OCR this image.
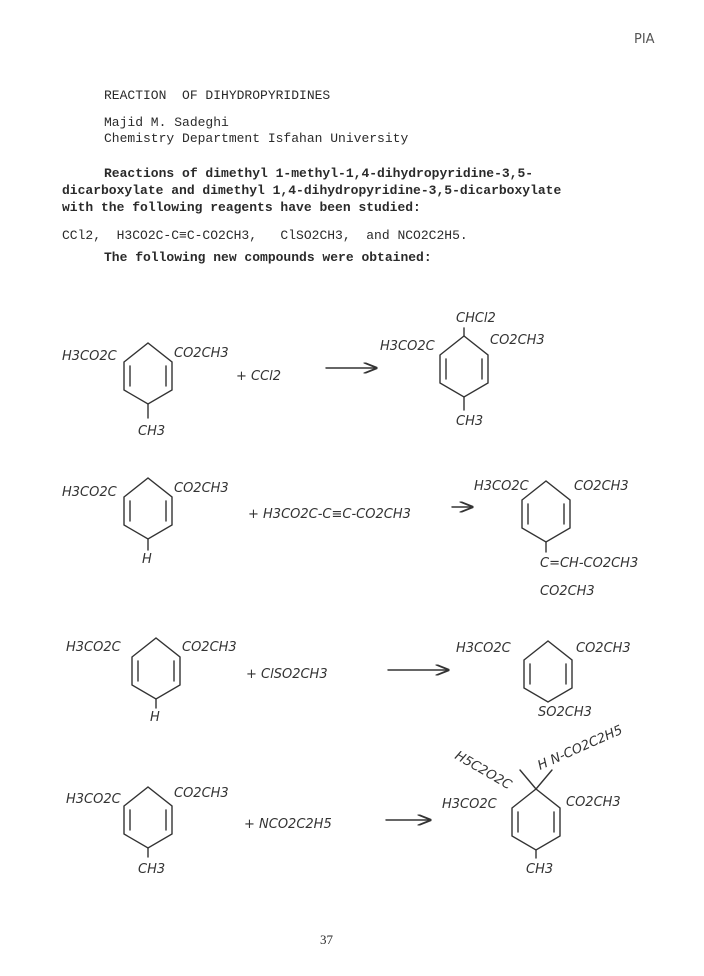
PIA
REACTION  OF DIHYDROPYRIDINES
Majid M. Sadeghi
Chemistry Department Isfahan University
Reactions of dimethyl 1-methyl-1,4-dihydropyridine-3,5-
dicarboxylate and dimethyl 1,4-dihydropyridine-3,5-dicarboxylate
with the following reagents have been studied:
CCl2,  H3CO2C-C≡C-CO2CH3,   ClSO2CH3,  and NCO2C2H5.
The following new compounds were obtained:
H3CO2C	CO2CH3
CH3
+ CCl2
CHCl2
H3CO2C	CO2CH3
CH3
H3CO2C	CO2CH3
H
+ H3CO2C-C≡C-CO2CH3
H3CO2C	CO2CH3
C=CH-CO2CH3
CO2CH3
H3CO2C	CO2CH3
H
+ ClSO2CH3
H3CO2C	CO2CH3
SO2CH3
H3CO2C	CO2CH3
CH3
+ NCO2C2H5
H3CO2C	CO2CH3
H5C2O2C H N-CO2C2H5
CH3
37
